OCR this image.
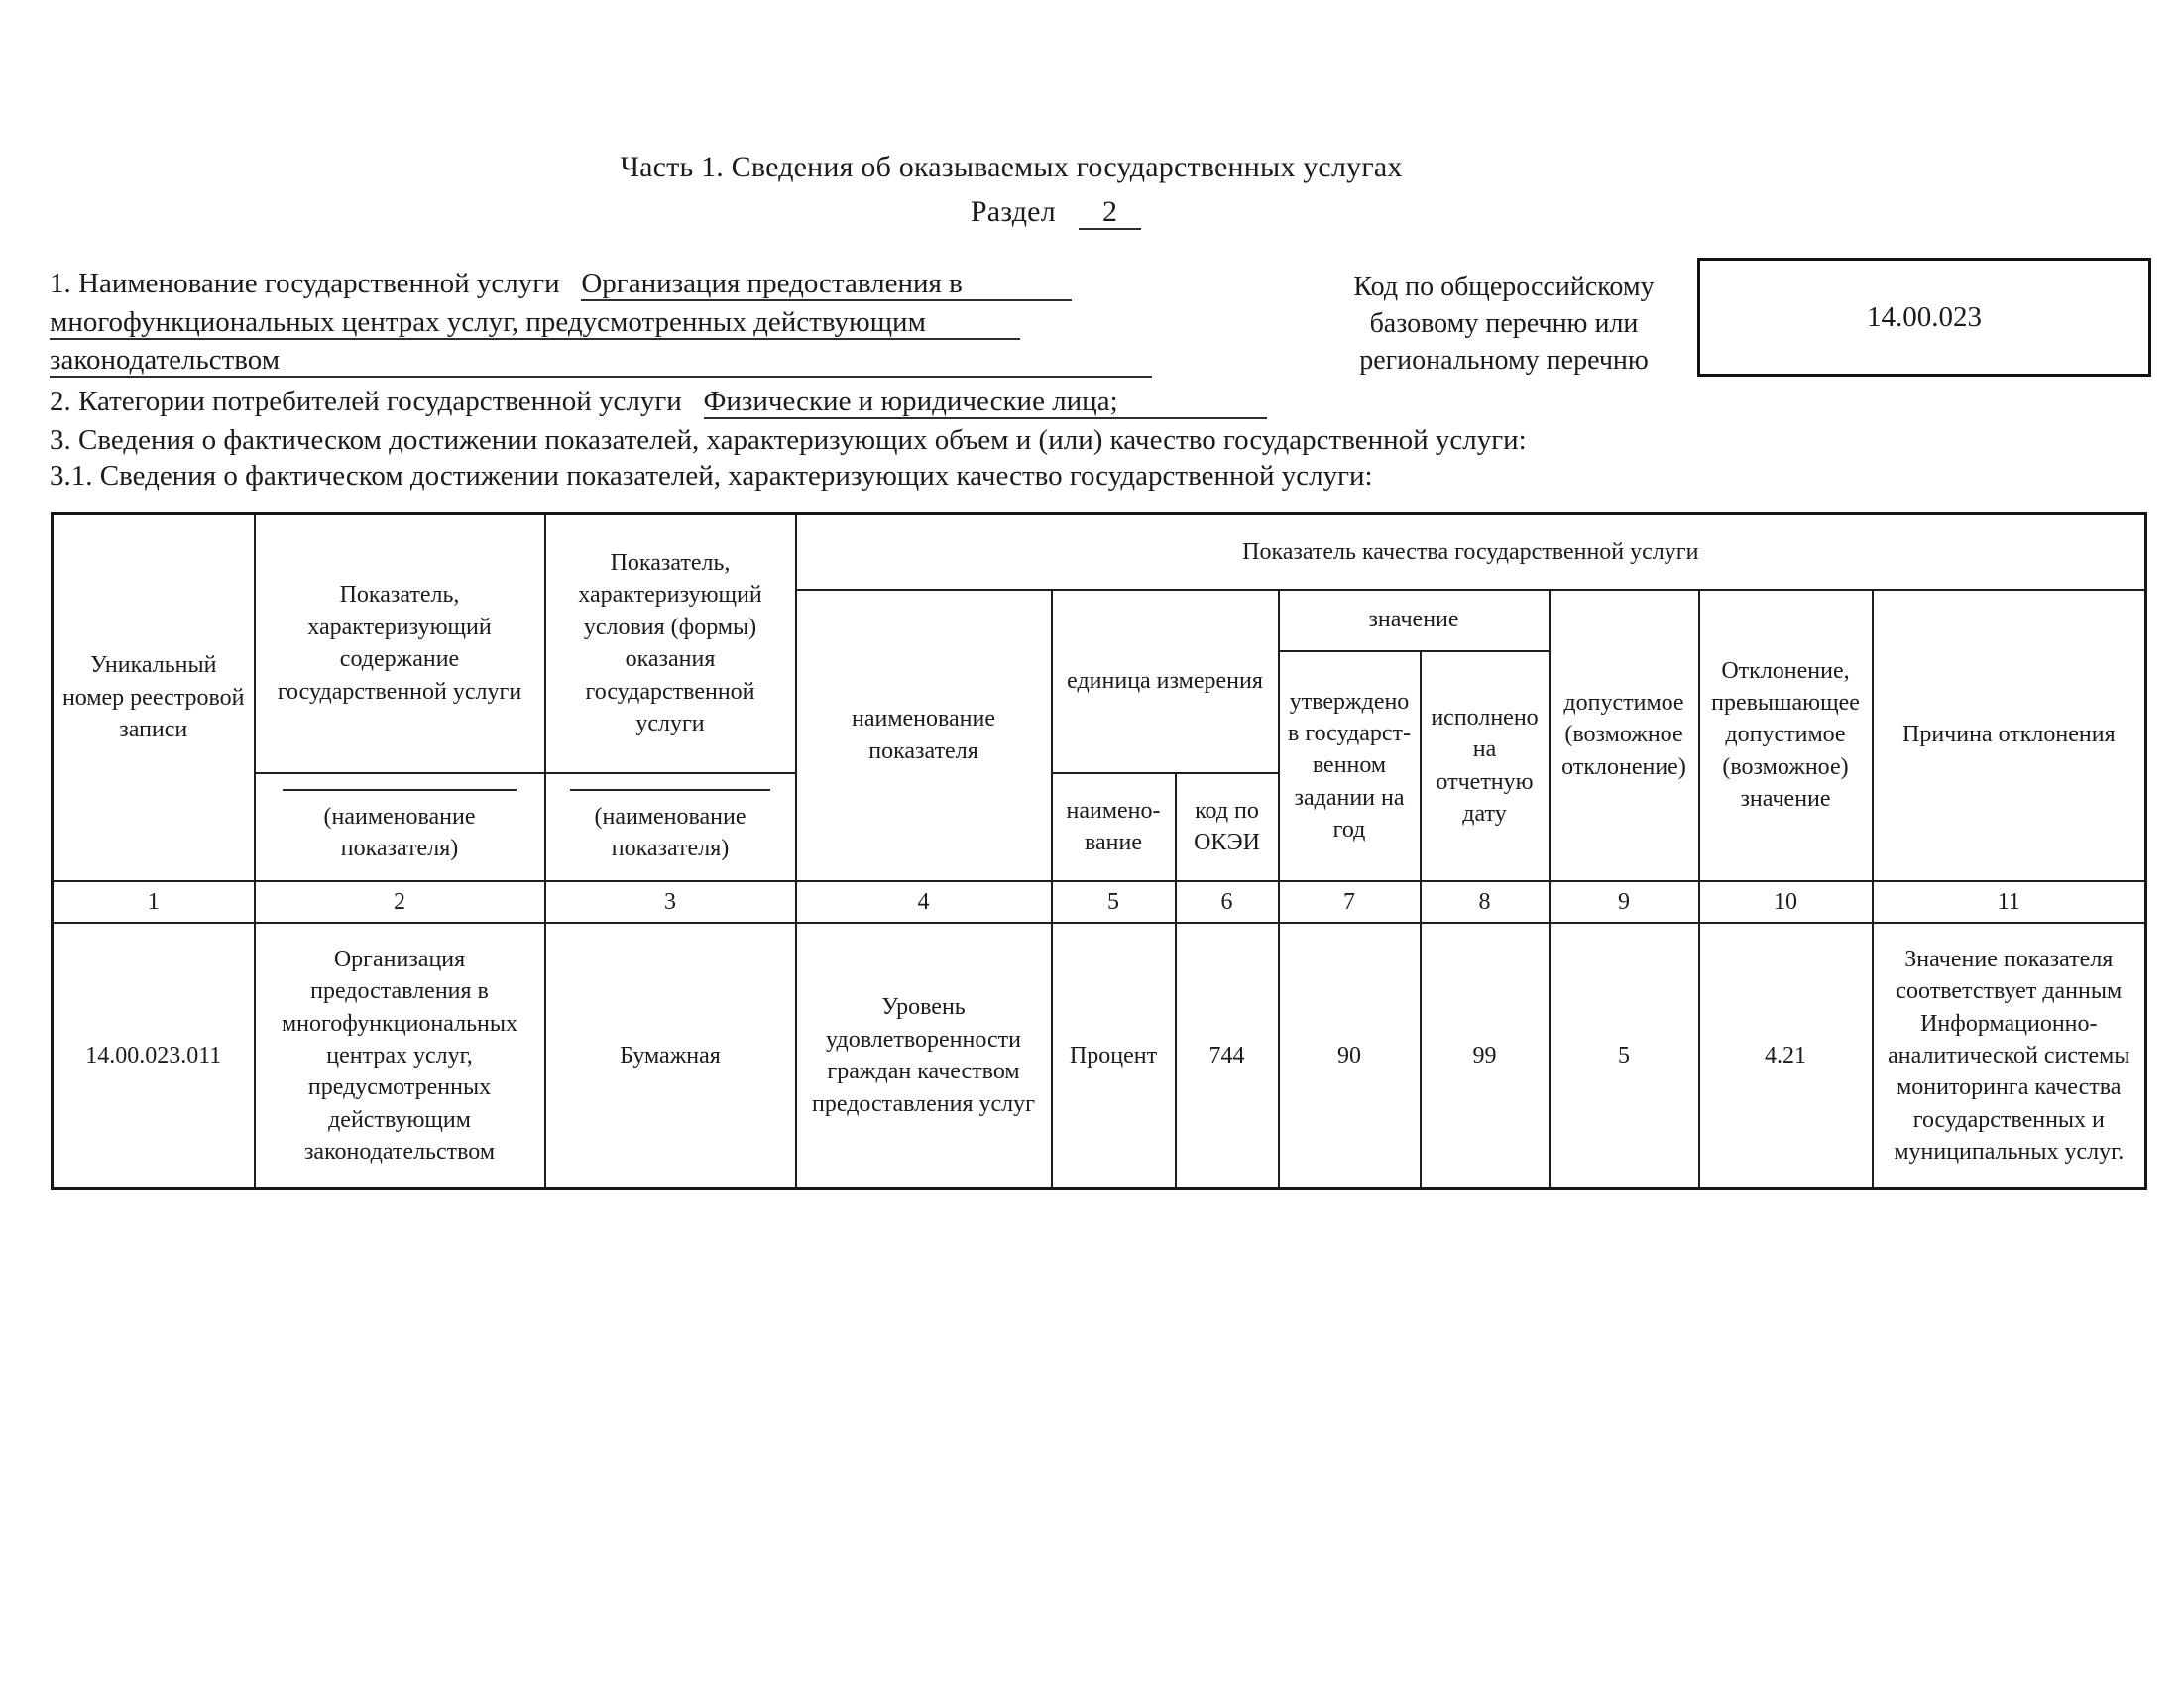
Часть 1. Сведения об оказываемых государственных услугах
Раздел 2
1. Наименование государственной услуги Организация предоставления в
многофункциональных центрах услуг, предусмотренных действующим
законодательством
Код по общероссийскому
базовому перечню или
региональному перечню
14.00.023
2. Категории потребителей государственной услуги Физические и юридические лица;
3. Сведения о фактическом достижении показателей, характеризующих объем и (или) качество государственной услуги:
3.1. Сведения о фактическом достижении показателей, характеризующих качество государственной услуги:
Уникальный номер реестровой записи	Показатель, характеризующий содержание государственной услуги	Показатель, характеризующий условия (формы) оказания государственной услуги	Показатель качества государственной услуги							
			наименование показателя	единица измерения		значение		допустимое (возможное отклонение)	Отклонение, превышающее допустимое (возможное) значение	Причина отклонения
						утверждено в государственном задании на год	исполнено на отчетную дату			

	(наименование показателя)	(наименование показателя)		наименование	код по ОКЭИ					
1	2	3	4	5	6	7	8	9	10	11
14.00.023.011	Организация предоставления в многофункциональных центрах услуг, предусмотренных действующим законодательством	Бумажная	Уровень удовлетворенности граждан качеством предоставления услуг	Процент	744	90	99	5	4.21	Значение показателя соответствует данным Информационно-аналитической системы мониторинга качества государственных и муниципальных услуг.
